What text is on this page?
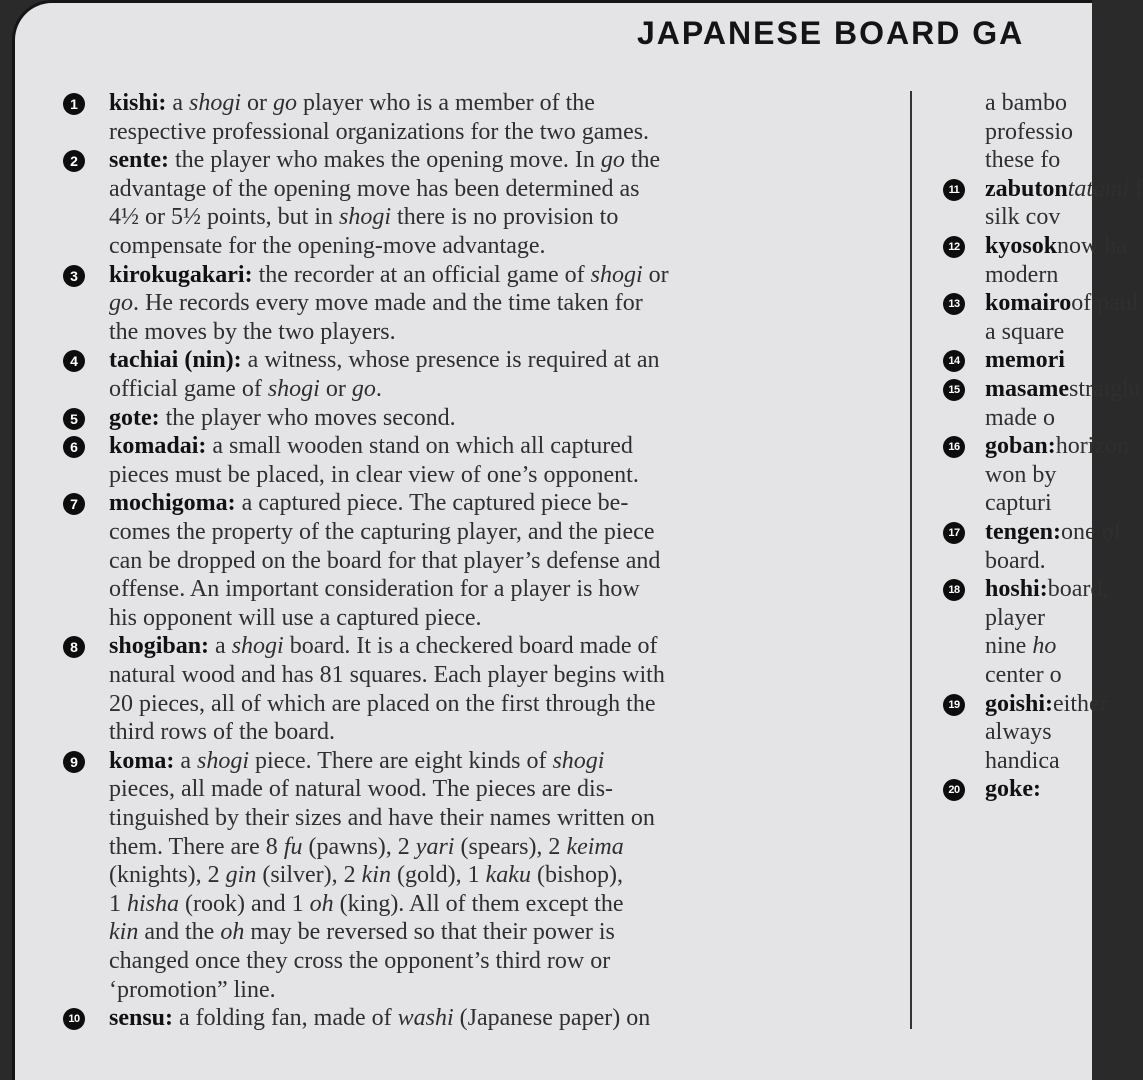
JAPANESE BOARD GA
1 kishi: a shogi or go player who is a member of the
respective professional organizations for the two games.
2 sente: the player who makes the opening move. In go the
advantage of the opening move has been determined as
4½ or 5½ points, but in shogi there is no provision to
compensate for the opening-move advantage.
3 kirokugakari: the recorder at an official game of shogi or
go. He records every move made and the time taken for
the moves by the two players.
4 tachiai (nin): a witness, whose presence is required at an
official game of shogi or go.
5 gote: the player who moves second.
6 komadai: a small wooden stand on which all captured
pieces must be placed, in clear view of one’s opponent.
7 mochigoma: a captured piece. The captured piece be-
comes the property of the capturing player, and the piece
can be dropped on the board for that player’s defense and
offense. An important consideration for a player is how
his opponent will use a captured piece.
8 shogiban: a shogi board. It is a checkered board made of
natural wood and has 81 squares. Each player begins with
20 pieces, all of which are placed on the first through the
third rows of the board.
9 koma: a shogi piece. There are eight kinds of shogi
pieces, all made of natural wood. The pieces are dis-
tinguished by their sizes and have their names written on
them. There are 8 fu (pawns), 2 yari (spears), 2 keima
(knights), 2 gin (silver), 2 kin (gold), 1 kaku (bishop),
1 hisha (rook) and 1 oh (king). All of them except the
kin and the oh may be reversed so that their power is
changed once they cross the opponent’s third row or
‘promotion” line.
10 sensu: a folding fan, made of washi (Japanese paper) on
a bambo
professio
these fo
11 zabutontatami f
silk cov
12 kyosoknow ha
modern
13 komairoof paul
a square
14 memori
15 masamestraight
made o
16 goban:horizon
won by
capturi
17 tengen:one of
board.
18 hoshi:board,
player
nine ho
center o
19 goishi:either
always
handica
20 goke:
